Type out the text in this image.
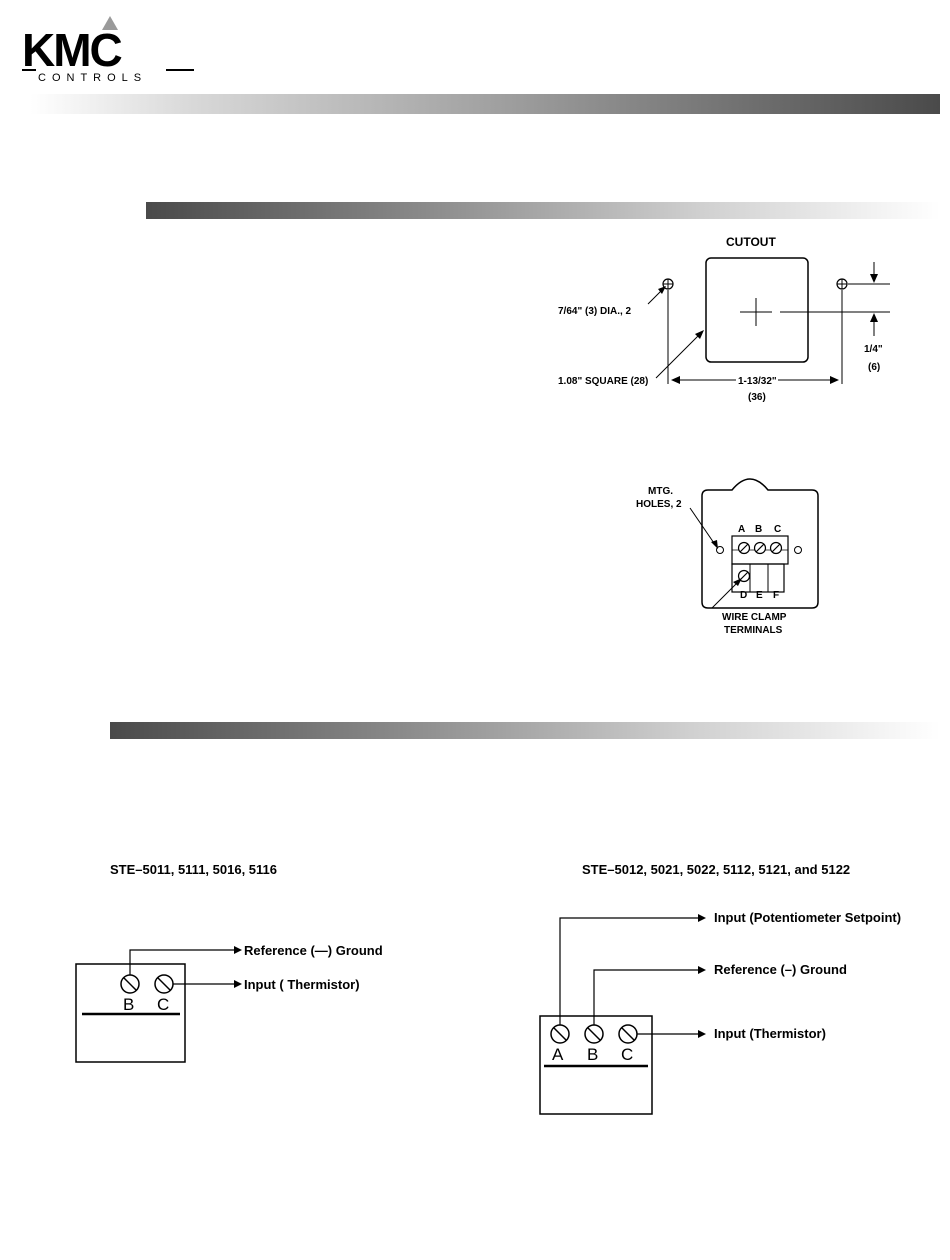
KMC
CONTROLS
CUTOUT
1/4"
(6)
1-13/32"
(36)
7/64" (3) DIA., 2
1.08" SQUARE (28)
MTG.
HOLES, 2
A B C
D E F
WIRE CLAMP
TERMINALS
STE–5011, 5111, 5016, 5116	STE–5012, 5021, 5022, 5112, 5121, and 5122
B C
Reference (—) Ground
Input ( Thermistor)
A B C
Input (Potentiometer Setpoint)
Reference (–) Ground
Input (Thermistor)
